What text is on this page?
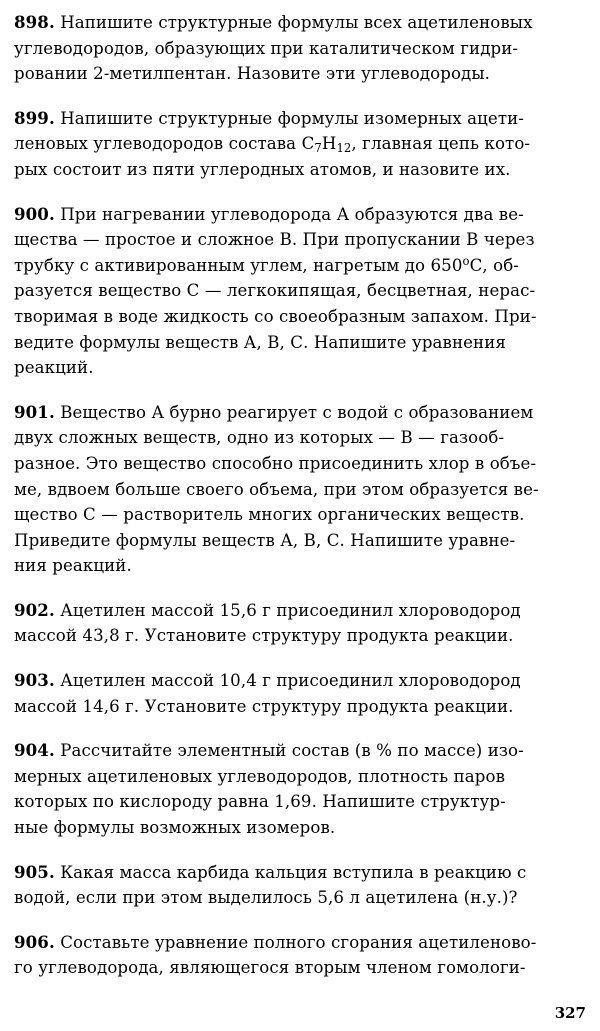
898. Напишите структурные формулы всех ацетиленовых
углеводородов, образующих при каталитическом гидри-
ровании 2-метилпентан. Назовите эти углеводороды.
899. Напишите структурные формулы изомерных ацети-
леновых углеводородов состава $C_7H_{12}$, главная цепь кото-
рых состоит из пяти углеродных атомов, и назовите их.
900. При нагревании углеводорода А образуются два ве-
щества — простое и сложное В. При пропускании В через
трубку с активированным углем, нагретым до 650$^o$С, об-
разуется вещество С — легкокипящая, бесцветная, нерас-
творимая в воде жидкость со своеобразным запахом. При-
ведите формулы веществ А, В, С. Напишите уравнения
реакций.
901. Вещество А бурно реагирует с водой с образованием
двух сложных веществ, одно из которых — В — газооб-
разное. Это вещество способно присоединить хлор в объе-
ме, вдвоем больше своего объема, при этом образуется ве-
щество С — растворитель многих органических веществ.
Приведите формулы веществ А, В, С. Напишите уравне-
ния реакций.
902. Ацетилен массой 15,6 г присоединил хлороводород
массой 43,8 г. Установите структуру продукта реакции.
903. Ацетилен массой 10,4 г присоединил хлороводород
массой 14,6 г. Установите структуру продукта реакции.
904. Рассчитайте элементный состав (в % по массе) изо-
мерных ацетиленовых углеводородов, плотность паров
которых по кислороду равна 1,69. Напишите структур-
ные формулы возможных изомеров.
905. Какая масса карбида кальция вступила в реакцию с
водой, если при этом выделилось 5,6 л ацетилена (н.у.)?
906. Составьте уравнение полного сгорания ацетиленово-
го углеводорода, являющегося вторым членом гомологи-
327
